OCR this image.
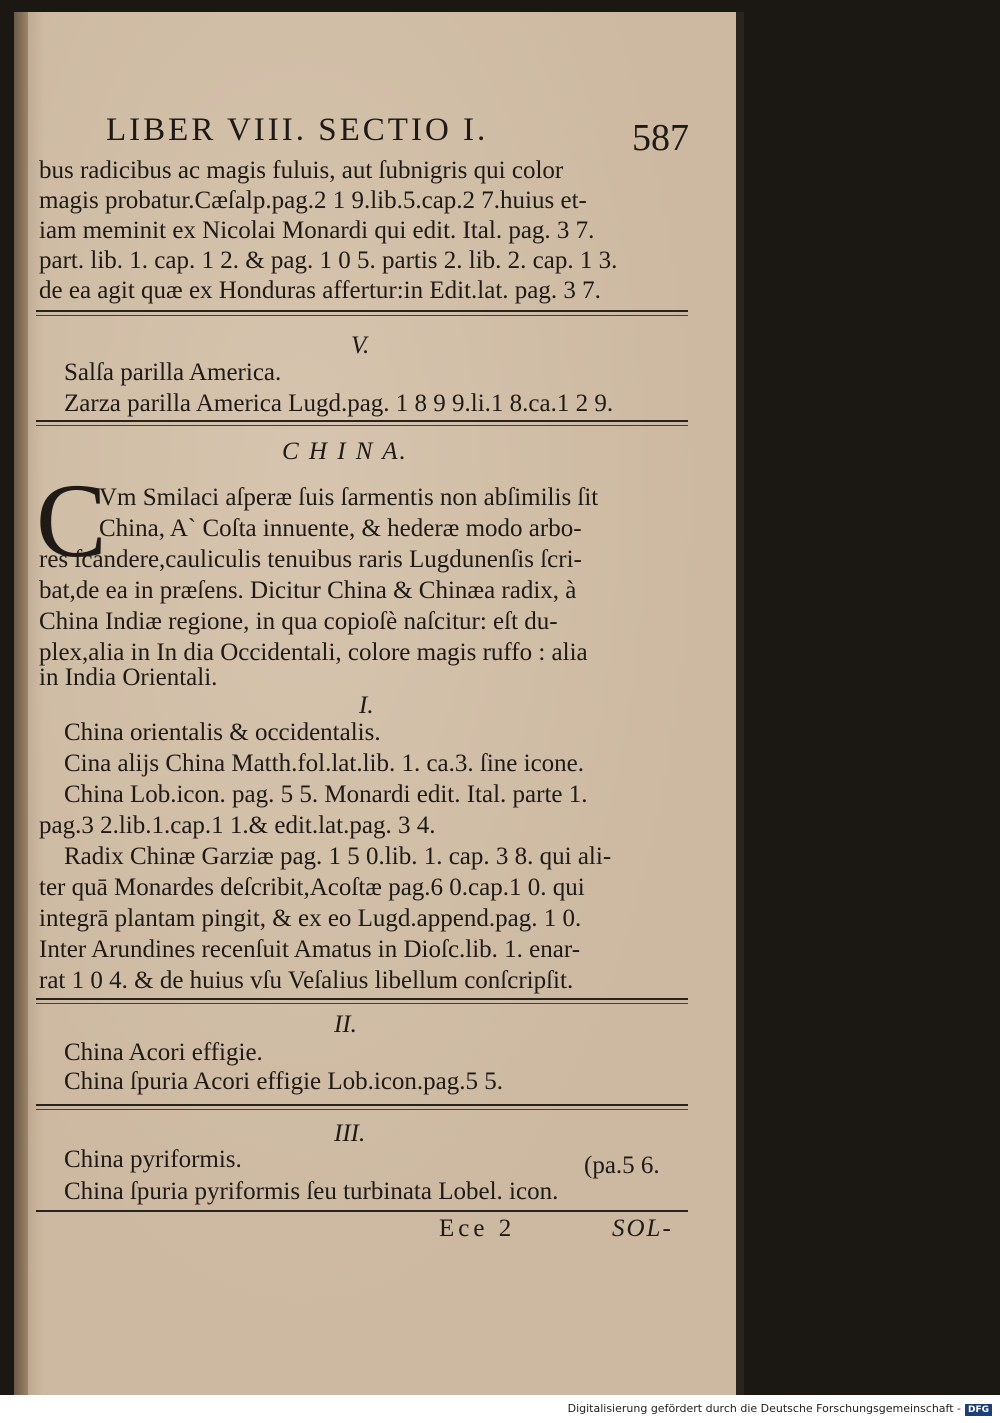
LIBER VIII. SECTIO I.	587
bus radicibus ac magis fuluis, aut ſubnigris qui color
magis probatur.Cæſalp.pag.2 1 9.lib.5.cap.2 7.huius et-
iam meminit ex Nicolai Monardi qui edit. Ital. pag. 3 7.
part. lib. 1. cap. 1 2. & pag. 1 0 5. partis 2. lib. 2. cap. 1 3.
de ea agit quæ ex Honduras affertur:in Edit.lat. pag. 3 7.
V.
Salſa parilla America.
Zarza parilla America Lugd.pag. 1 8 9 9.li.1 8.ca.1 2 9.
C H I N A.
C
Vm Smilaci aſperæ ſuis ſarmentis non abſimilis ſit
China, A` Coſta innuente, & hederæ modo arbo-
res ſcandere,cauliculis tenuibus raris Lugdunenſis ſcri-
bat,de ea in præſens. Dicitur China & Chinæa radix, à
China Indiæ regione, in qua copioſè naſcitur: eſt du-
plex,alia in In dia Occidentali, colore magis ruffo : alia
in India Orientali.
I.
China orientalis & occidentalis.
Cina alijs China Matth.fol.lat.lib. 1. ca.3. ſine icone.
China Lob.icon. pag. 5 5. Monardi edit. Ital. parte 1.
pag.3 2.lib.1.cap.1 1.& edit.lat.pag. 3 4.
Radix Chinæ Garziæ pag. 1 5 0.lib. 1. cap. 3 8. qui ali-
ter quā Monardes deſcribit,Acoſtæ pag.6 0.cap.1 0. qui
integrā plantam pingit, & ex eo Lugd.append.pag. 1 0.
Inter Arundines recenſuit Amatus in Dioſc.lib. 1. enar-
rat 1 0 4. & de huius vſu Veſalius libellum conſcripſit.
II.
China Acori effigie.
China ſpuria Acori effigie Lob.icon.pag.5 5.
III.
China pyriformis.	(pa.5 6.
China ſpuria pyriformis ſeu turbinata Lobel. icon.
Ece 2	SOL-
Digitalisierung gefördert durch die Deutsche Forschungsgemeinschaft - DFG
